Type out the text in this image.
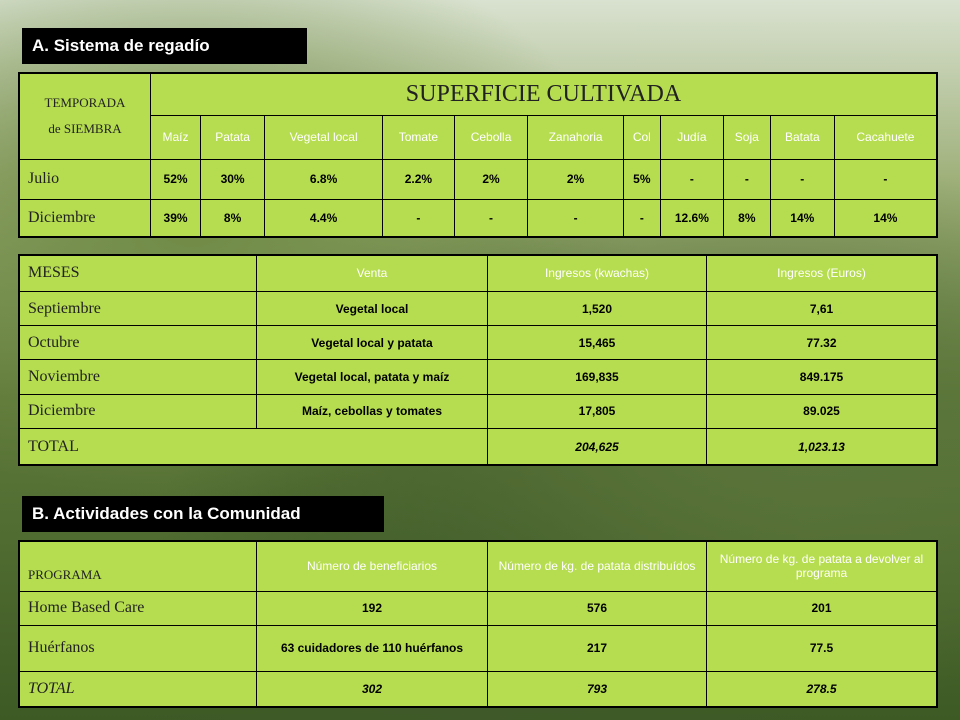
A. Sistema de regadío
TEMPORADA
de SIEMBRA	SUPERFICIE CULTIVADA										
	Maíz	Patata	Vegetal local	Tomate	Cebolla	Zanahoria	Col	Judía	Soja	Batata	Cacahuete
Julio	52%	30%	6.8%	2.2%	2%	2%	5%	-	-	-	-
Diciembre	39%	8%	4.4%	-	-	-	-	12.6%	8%	14%	14%
MESES	Venta	Ingresos (kwachas)	Ingresos (Euros)
Septiembre	Vegetal local	1,520	7,61
Octubre	Vegetal local y patata	15,465	77.32
Noviembre	Vegetal local, patata y maíz	169,835	849.175
Diciembre	Maíz, cebollas y tomates	17,805	89.025
TOTAL		204,625	1,023.13
B. Actividades con la Comunidad
PROGRAMA	Número de beneficiarios	Número de kg. de patata distribuídos	Número de kg. de patata a devolver al programa
Home Based Care	192	576	201
Huérfanos	63 cuidadores de 110 huérfanos	217	77.5
TOTAL	302	793	278.5
